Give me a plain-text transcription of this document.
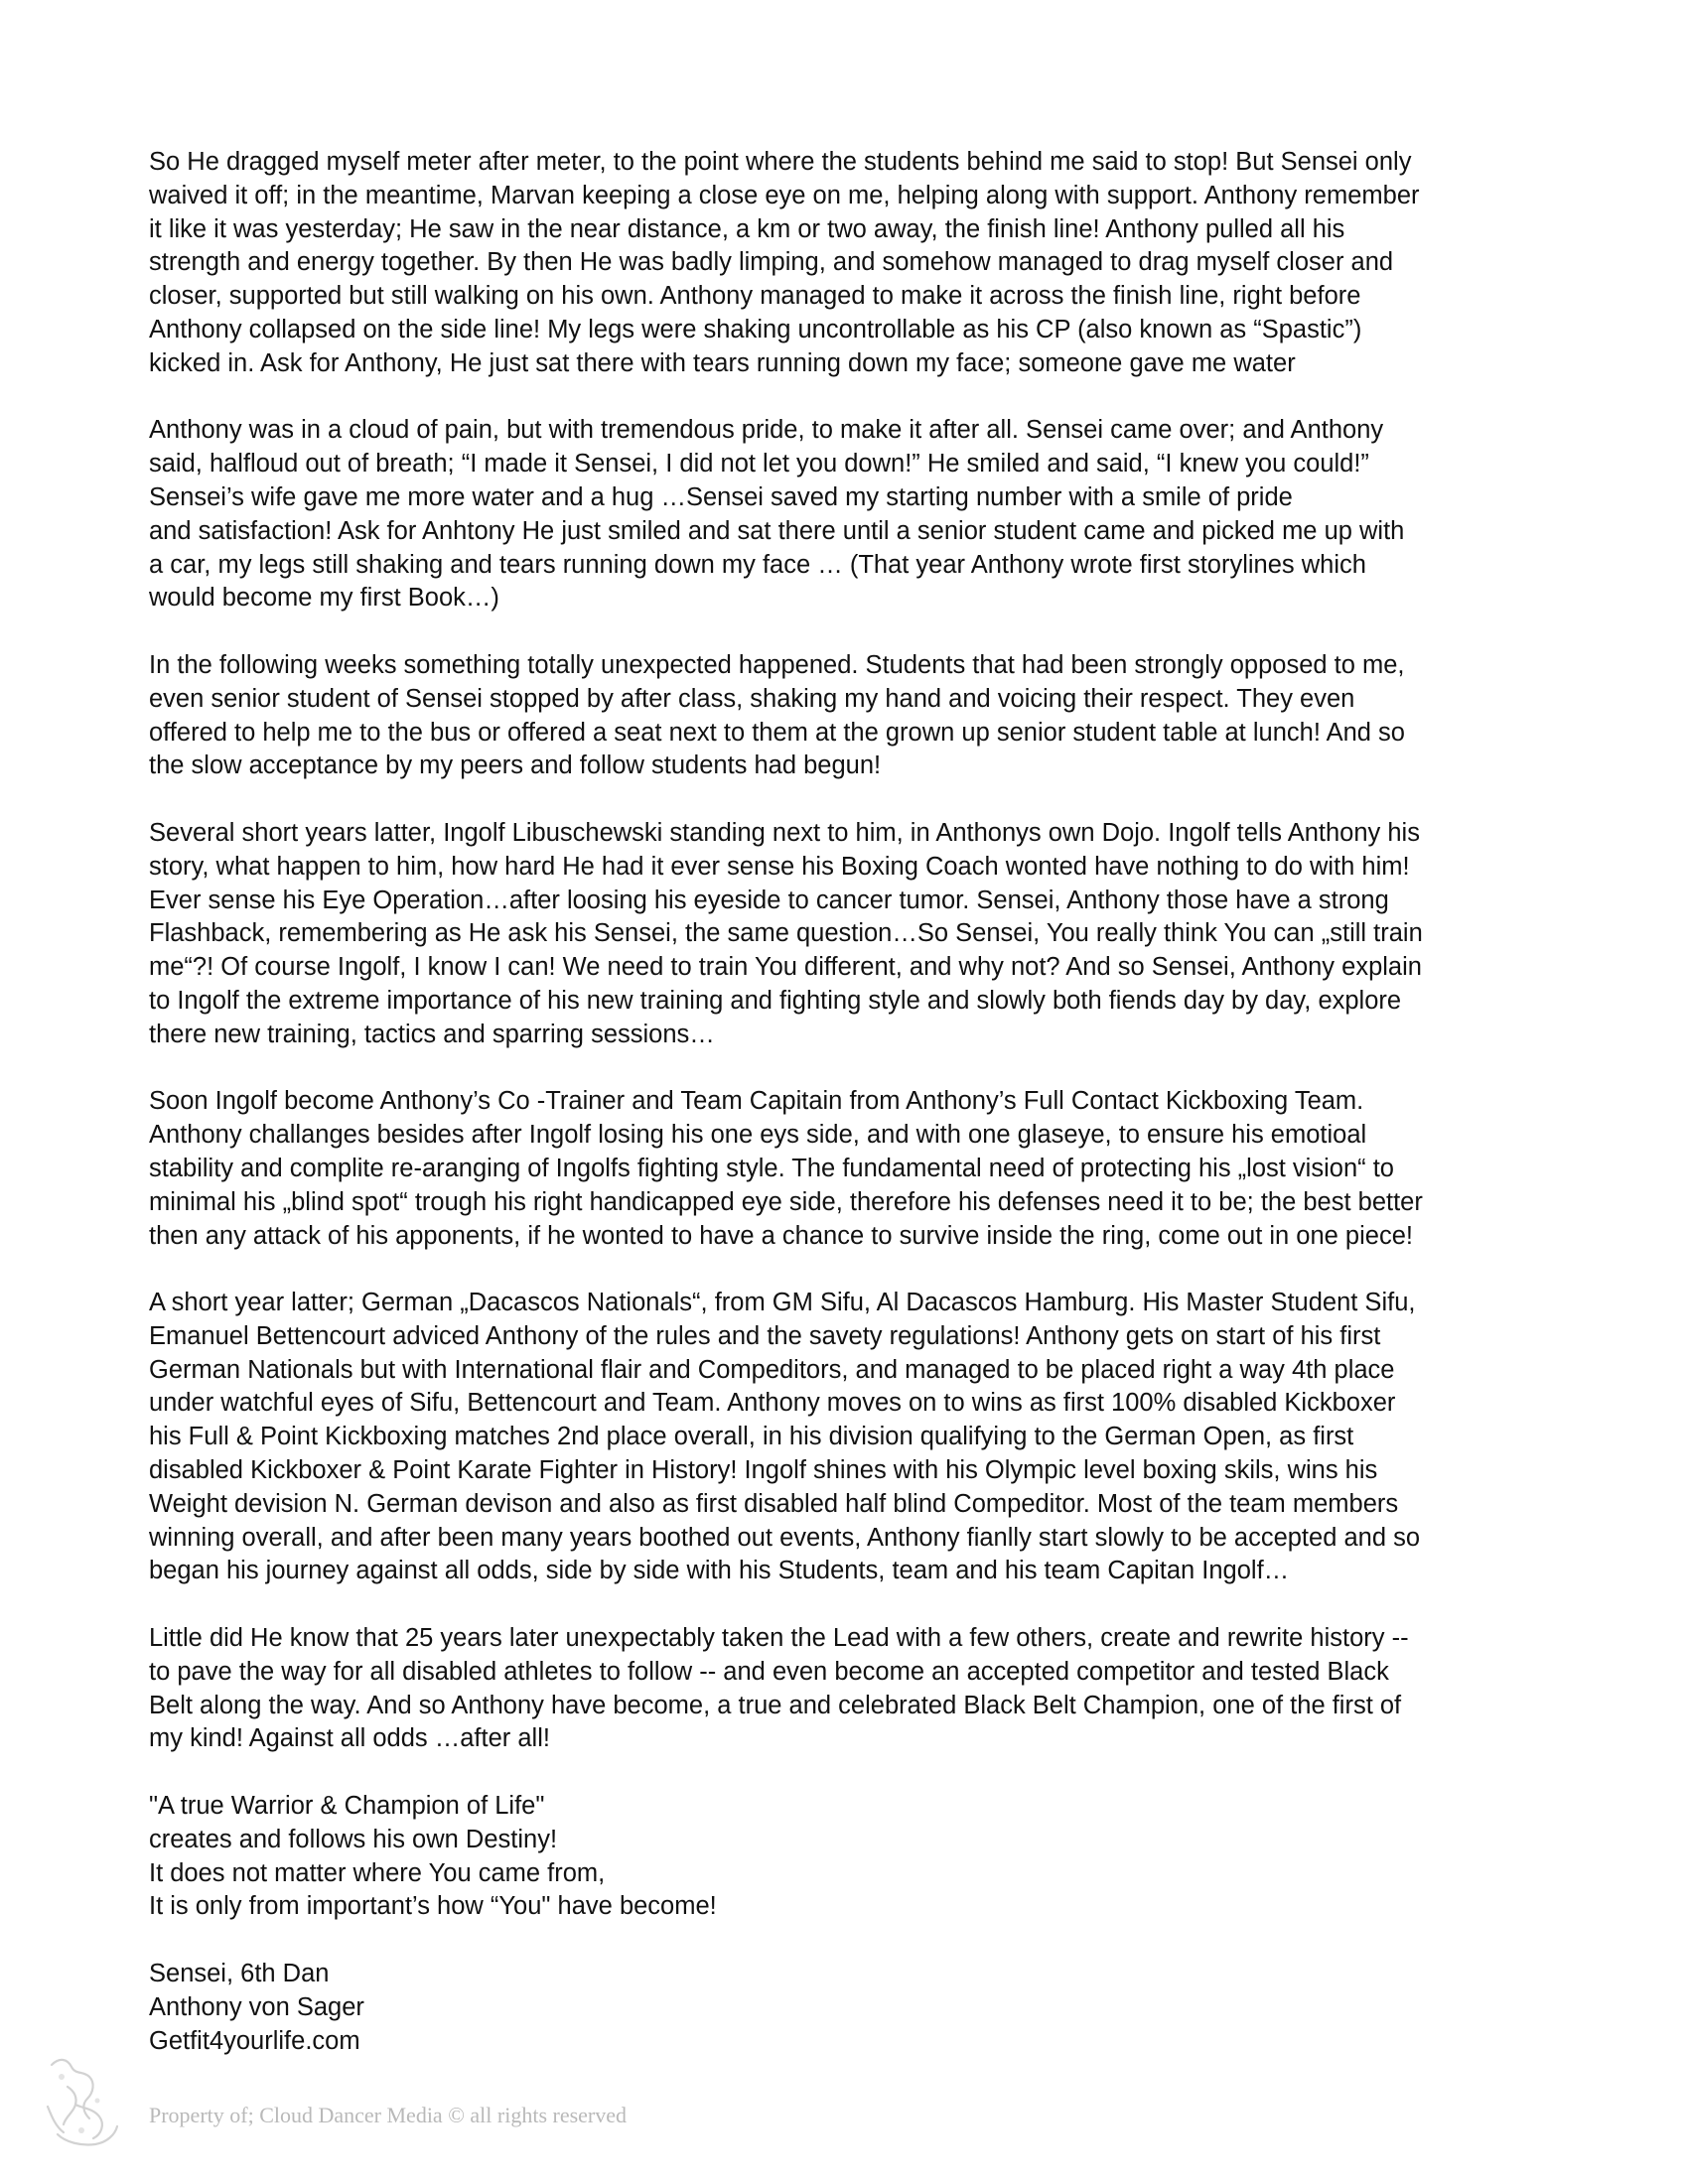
So He dragged myself meter after meter, to the point where the students behind me said to stop! But Sensei only
waived it off; in the meantime, Marvan keeping a close eye on me, helping along with support. Anthony remember
it like it was yesterday; He saw in the near distance, a km or two away, the finish line! Anthony pulled all his
strength and energy together. By then He was badly limping, and somehow managed to drag myself closer and
closer, supported but still walking on his own. Anthony managed to make it across the finish line, right before
Anthony collapsed on the side line! My legs were shaking uncontrollable as his CP (also known as “Spastic”)
kicked in. Ask for Anthony, He just sat there with tears running down my face; someone gave me water

Anthony was in a cloud of pain, but with tremendous pride, to make it after all. Sensei came over; and Anthony
said, halfloud out of breath; “I made it Sensei, I did not let you down!” He smiled and said, “I knew you could!”
Sensei’s wife gave me more water and a hug …Sensei saved my starting number with a smile of pride
and satisfaction! Ask for Anhtony He just smiled and sat there until a senior student came and picked me up with
a car, my legs still shaking and tears running down my face … (That year Anthony wrote first storylines which
would become my first Book…)

In the following weeks something totally unexpected happened. Students that had been strongly opposed to me,
even senior student of Sensei stopped by after class, shaking my hand and voicing their respect. They even
offered to help me to the bus or offered a seat next to them at the grown up senior student table at lunch! And so
the slow acceptance by my peers and follow students had begun!

Several short years latter, Ingolf Libuschewski standing next to him, in Anthonys own Dojo. Ingolf tells Anthony his
story, what happen to him, how hard He had it ever sense his Boxing Coach wonted have nothing to do with him!
Ever sense his Eye Operation…after loosing his eyeside to cancer tumor. Sensei, Anthony those have a strong
Flashback, remembering as He ask his Sensei, the same question…So Sensei, You really think You can „still train
me“?! Of course Ingolf, I know I can! We need to train You different, and why not? And so Sensei, Anthony explain
to Ingolf the extreme importance of his new training and fighting style and slowly both fiends day by day, explore
there new training, tactics and sparring sessions…

Soon Ingolf become Anthony’s Co -Trainer and Team Capitain from Anthony’s Full Contact Kickboxing Team.
Anthony challanges besides after Ingolf losing his one eys side, and with one glaseye, to ensure his emotioal
stability and complite re-aranging of Ingolfs fighting style. The fundamental need of protecting his „lost vision“ to
minimal his „blind spot“ trough his right handicapped eye side, therefore his defenses need it to be; the best better
then any attack of his apponents, if he wonted to have a chance to survive inside the ring, come out in one piece!

A short year latter; German „Dacascos Nationals“, from GM Sifu, Al Dacascos Hamburg. His Master Student Sifu,
Emanuel Bettencourt adviced Anthony of the rules and the savety regulations! Anthony gets on start of his first
German Nationals but with International flair and Compeditors, and managed to be placed right a way 4th place
under watchful eyes of Sifu, Bettencourt and Team. Anthony moves on to wins as first 100% disabled Kickboxer
his Full & Point Kickboxing matches 2nd place overall, in his division qualifying to the German Open, as first
disabled Kickboxer & Point Karate Fighter in History! Ingolf shines with his Olympic level boxing skils, wins his
Weight devision N. German devison and also as first disabled half blind Compeditor. Most of the team members
winning overall, and after been many years boothed out events, Anthony fianlly start slowly to be accepted and so
began his journey against all odds, side by side with his Students, team and his team Capitan Ingolf…

Little did He know that 25 years later unexpectably taken the Lead with a few others, create and rewrite history --
to pave the way for all disabled athletes to follow -- and even become an accepted competitor and tested Black
Belt along the way. And so Anthony have become, a true and celebrated Black Belt Champion, one of the first of
my kind! Against all odds …after all!

"A true Warrior & Champion of Life"
creates and follows his own Destiny!
It does not matter where You came from,
It is only from important’s how “You" have become!

Sensei, 6th Dan
Anthony von Sager
Getfit4yourlife.com

Property of; Cloud Dancer Media © all rights reserved
